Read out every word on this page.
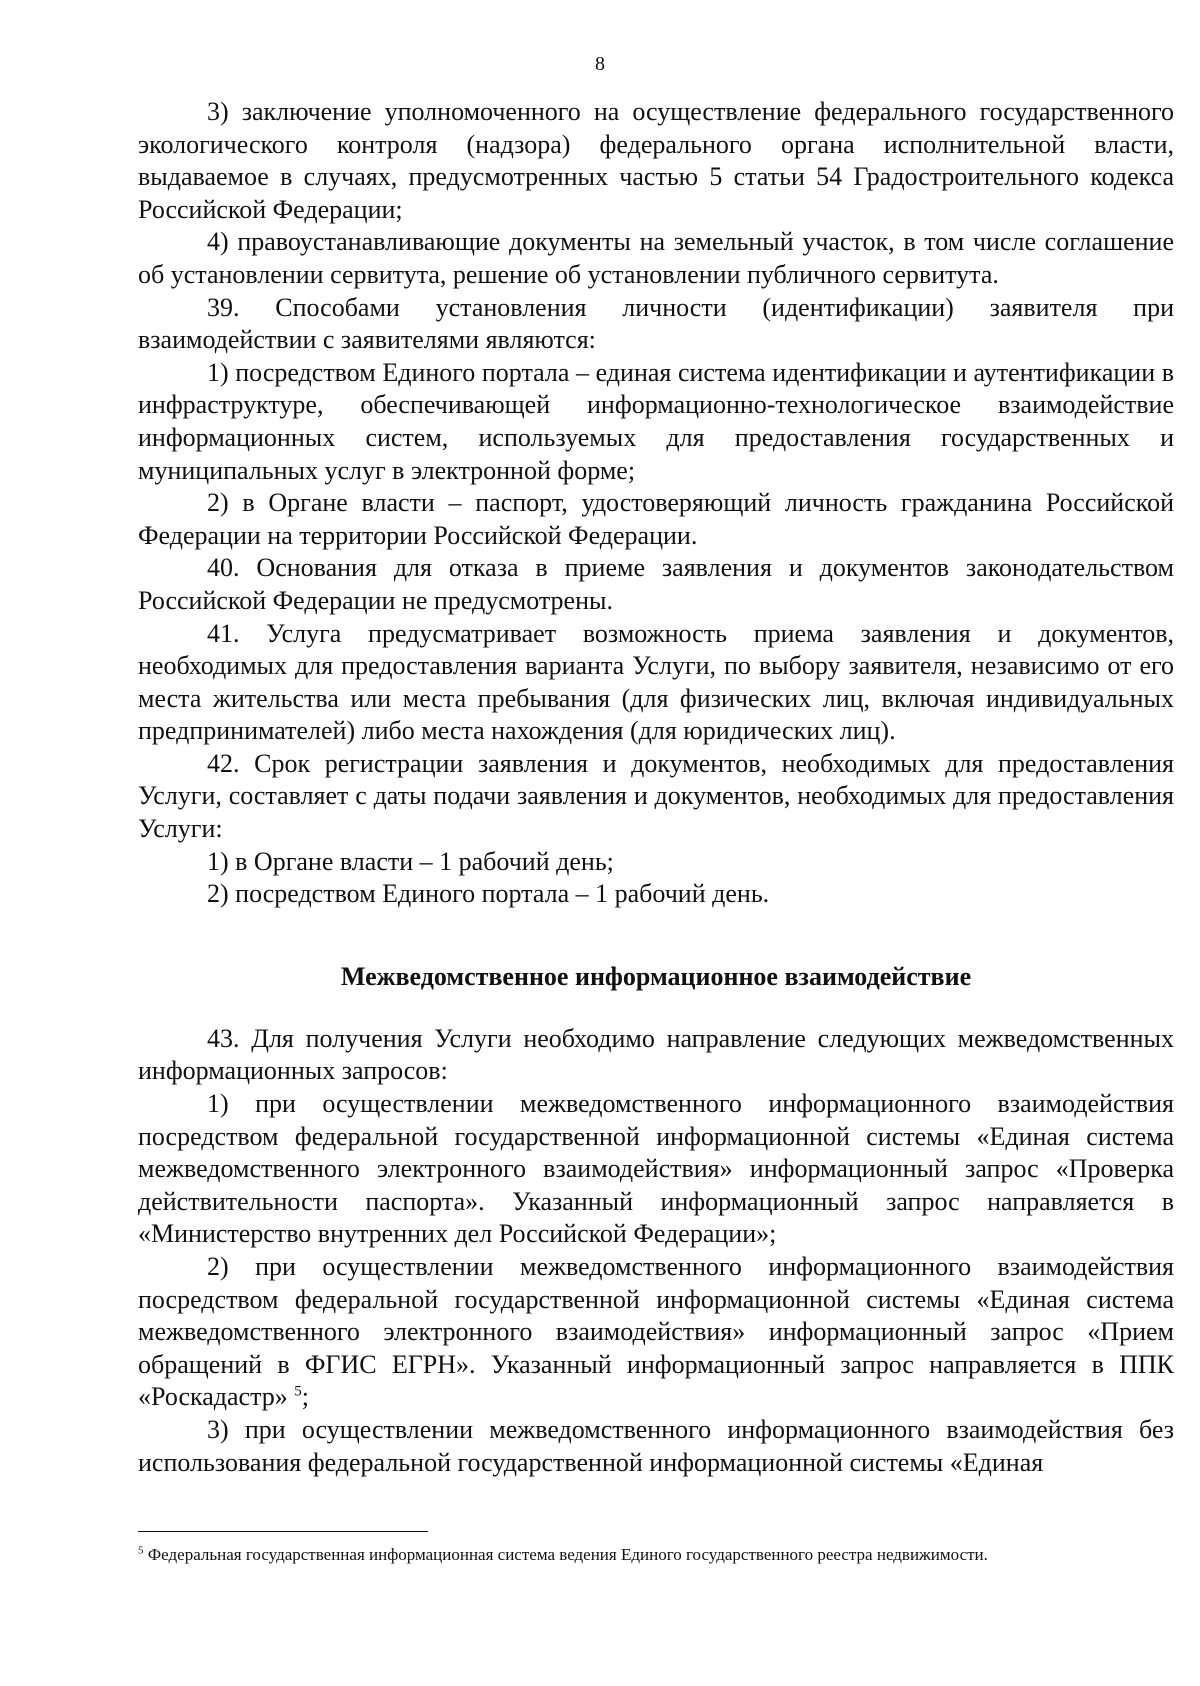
8

3) заключение уполномоченного на осуществление федерального государственного экологического контроля (надзора) федерального органа исполнительной власти, выдаваемое в случаях, предусмотренных частью 5 статьи 54 Градостроительного кодекса Российской Федерации;

4) правоустанавливающие документы на земельный участок, в том числе соглашение об установлении сервитута, решение об установлении публичного сервитута.

39. Способами установления личности (идентификации) заявителя при взаимодействии с заявителями являются:

1) посредством Единого портала – единая система идентификации и аутентификации в инфраструктуре, обеспечивающей информационно-технологическое взаимодействие информационных систем, используемых для предоставления государственных и муниципальных услуг в электронной форме;

2) в Органе власти – паспорт, удостоверяющий личность гражданина Российской Федерации на территории Российской Федерации.

40. Основания для отказа в приеме заявления и документов законодательством Российской Федерации не предусмотрены.

41. Услуга предусматривает возможность приема заявления и документов, необходимых для предоставления варианта Услуги, по выбору заявителя, независимо от его места жительства или места пребывания (для физических лиц, включая индивидуальных предпринимателей) либо места нахождения (для юридических лиц).

42. Срок регистрации заявления и документов, необходимых для предоставления Услуги, составляет с даты подачи заявления и документов, необходимых для предоставления Услуги:

1) в Органе власти – 1 рабочий день;

2) посредством Единого портала – 1 рабочий день.

Межведомственное информационное взаимодействие

43. Для получения Услуги необходимо направление следующих межведомственных информационных запросов:

1) при осуществлении межведомственного информационного взаимодействия посредством федеральной государственной информационной системы «Единая система межведомственного электронного взаимодействия» информационный запрос «Проверка действительности паспорта». Указанный информационный запрос направляется в «Министерство внутренних дел Российской Федерации»;

2) при осуществлении межведомственного информационного взаимодействия посредством федеральной государственной информационной системы «Единая система межведомственного электронного взаимодействия» информационный запрос «Прием обращений в ФГИС ЕГРН». Указанный информационный запрос направляется в ППК «Роскадастр» $^5$;

3) при осуществлении межведомственного информационного взаимодействия без использования федеральной государственной информационной системы «Единая

$^5$ Федеральная государственная информационная система ведения Единого государственного реестра недвижимости.
